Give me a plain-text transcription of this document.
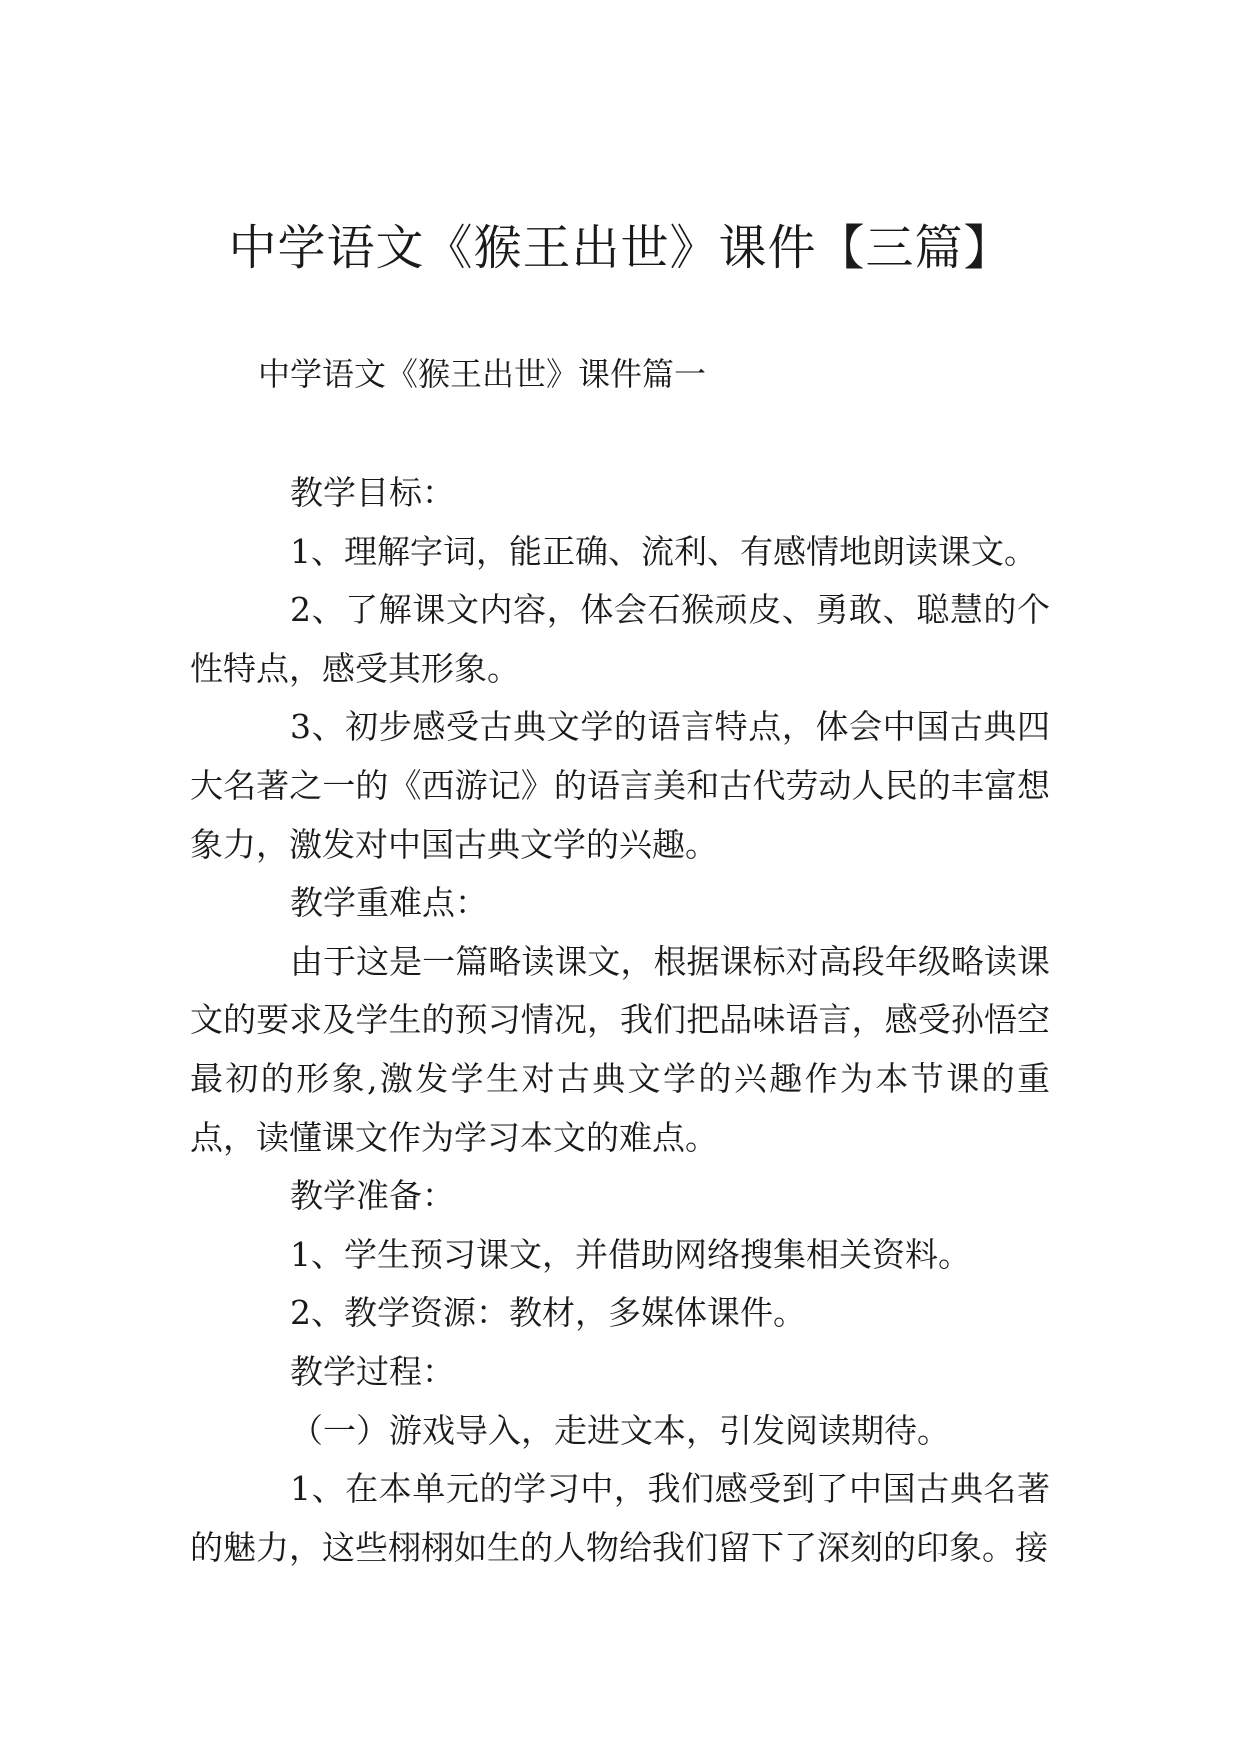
中学语文《猴王出世》课件【三篇】
中学语文《猴王出世》课件篇一

教学目标：

1、理解字词，能正确、流利、有感情地朗读课文。

2、了解课文内容，体会石猴顽皮、勇敢、聪慧的个性特点，感受其形象。

3、初步感受古典文学的语言特点，体会中国古典四大名著之一的《西游记》的语言美和古代劳动人民的丰富想象力，激发对中国古典文学的兴趣。

教学重难点：

由于这是一篇略读课文，根据课标对高段年级略读课文的要求及学生的预习情况，我们把品味语言，感受孙悟空最初的形象,激发学生对古典文学的兴趣作为本节课的重点，读懂课文作为学习本文的难点。

教学准备：

1、学生预习课文，并借助网络搜集相关资料。

2、教学资源：教材，多媒体课件。

教学过程：

（一）游戏导入，走进文本，引发阅读期待。

1、在本单元的学习中，我们感受到了中国古典名著的魅力，这些栩栩如生的人物给我们留下了深刻的印象。接
